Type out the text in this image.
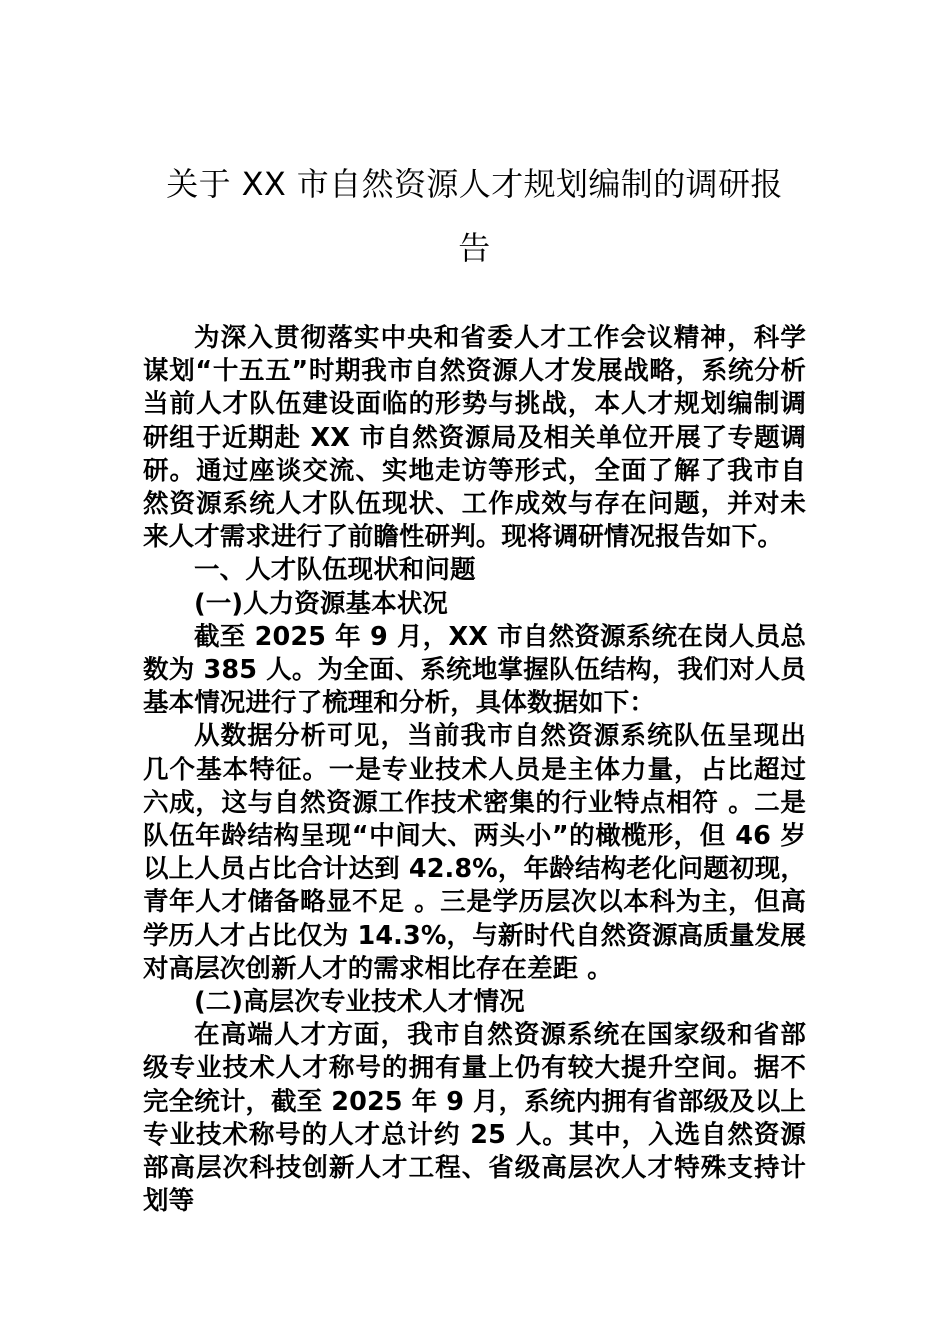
关于 XX 市自然资源人才规划编制的调研报
告

为深入贯彻落实中央和省委人才工作会议精神，科学谋划“十五五”时期我市自然资源人才发展战略，系统分析当前人才队伍建设面临的形势与挑战，本人才规划编制调研组于近期赴 XX 市自然资源局及相关单位开展了专题调研。通过座谈交流、实地走访等形式，全面了解了我市自然资源系统人才队伍现状、工作成效与存在问题，并对未来人才需求进行了前瞻性研判。现将调研情况报告如下。

一、人才队伍现状和问题

(一)人力资源基本状况

截至 2025 年 9 月，XX 市自然资源系统在岗人员总数为 385 人。为全面、系统地掌握队伍结构，我们对人员基本情况进行了梳理和分析，具体数据如下：

从数据分析可见，当前我市自然资源系统队伍呈现出几个基本特征。一是专业技术人员是主体力量，占比超过六成，这与自然资源工作技术密集的行业特点相符 。二是队伍年龄结构呈现“中间大、两头小”的橄榄形，但 46 岁以上人员占比合计达到 42.8%，年龄结构老化问题初现，青年人才储备略显不足 。三是学历层次以本科为主，但高学历人才占比仅为 14.3%，与新时代自然资源高质量发展对高层次创新人才的需求相比存在差距 。

(二)高层次专业技术人才情况

在高端人才方面，我市自然资源系统在国家级和省部级专业技术人才称号的拥有量上仍有较大提升空间。据不完全统计，截至 2025 年 9 月，系统内拥有省部级及以上专业技术称号的人才总计约 25 人。其中，入选自然资源部高层次科技创新人才工程、省级高层次人才特殊支持计划等
